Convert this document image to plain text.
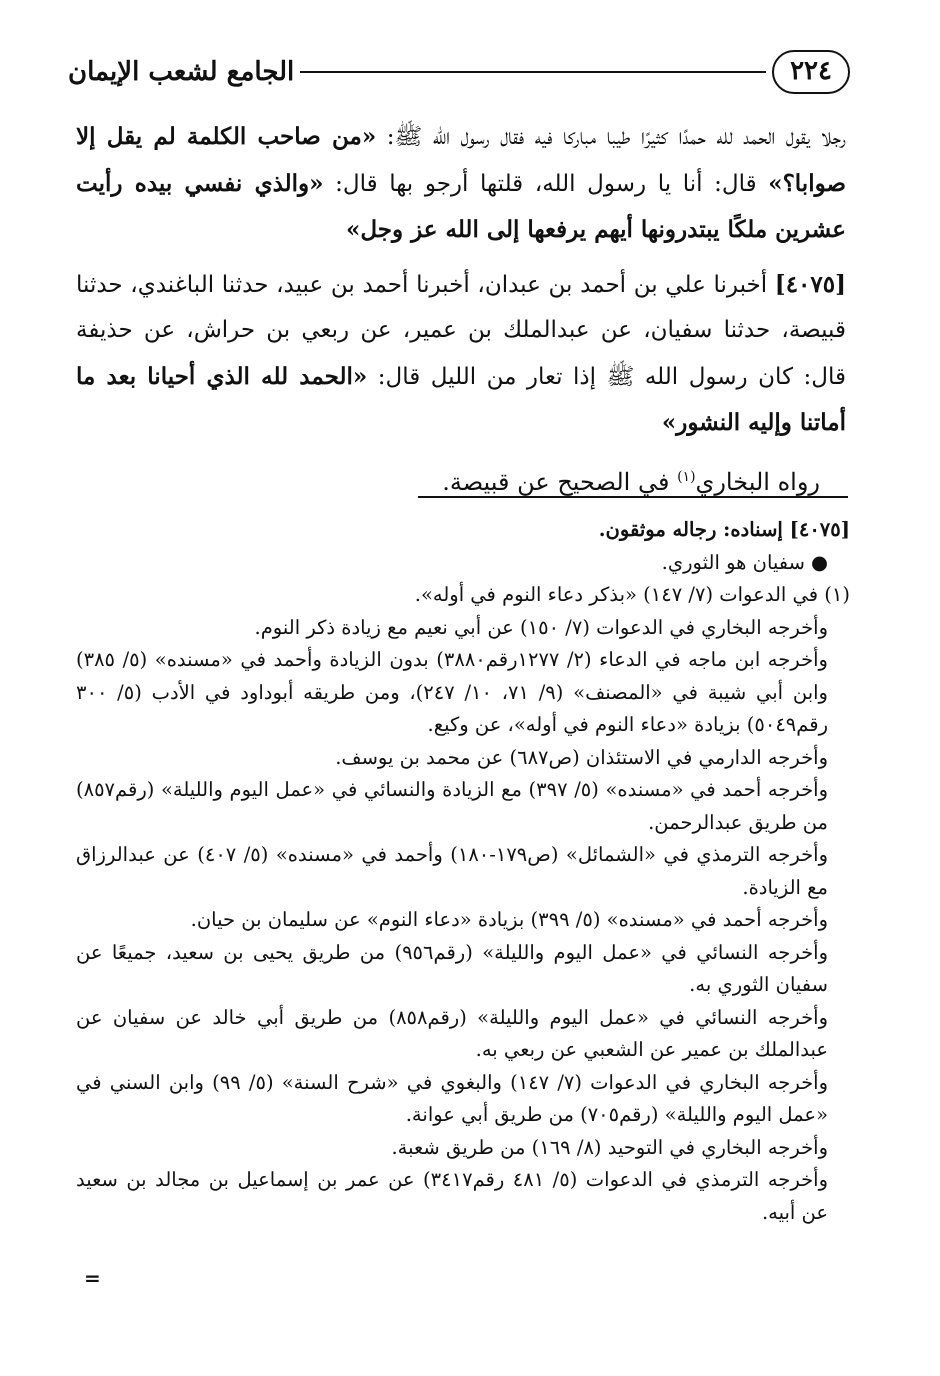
٢٢٤
الجامع لشعب الإيمان

رجلا يقول الحمد لله حمدًا كثيرًا طيبا مباركا فيه فقال رسول الله ﷺ: «من صاحب الكلمة لم يقل إلا صوابا؟» قال: أنا يا رسول الله، قلتها أرجو بها قال: «والذي نفسي بيده رأيت عشرين ملكًا يبتدرونها أيهم يرفعها إلى الله عز وجل»

[٤٠٧٥] أخبرنا علي بن أحمد بن عبدان، أخبرنا أحمد بن عبيد، حدثنا الباغندي، حدثنا قبيصة، حدثنا سفيان، عن عبدالملك بن عمير، عن ربعي بن حراش، عن حذيفة قال: كان رسول الله ﷺ إذا تعار من الليل قال: «الحمد لله الذي أحيانا بعد ما أماتنا وإليه النشور»

رواه البخاري$^{(١)}$ في الصحيح عن قبيصة.

[٤٠٧٥] إسناده: رجاله موثقون.

●سفيان هو الثوري.

(١) في الدعوات (٧/ ١٤٧) «بذكر دعاء النوم في أوله».

وأخرجه البخاري في الدعوات (٧/ ١٥٠) عن أبي نعيم مع زيادة ذكر النوم.

وأخرجه ابن ماجه في الدعاء (٢/ ١٢٧٧رقم٣٨٨٠) بدون الزيادة وأحمد في «مسنده» (٥/ ٣٨٥) وابن أبي شيبة في «المصنف» (٩/ ٧١، ١٠/ ٢٤٧)، ومن طريقه أبوداود في الأدب (٥/ ٣٠٠ رقم٥٠٤٩) بزيادة «دعاء النوم في أوله»، عن وكيع.

وأخرجه الدارمي في الاستئذان (ص٦٨٧) عن محمد بن يوسف.

وأخرجه أحمد في «مسنده» (٥/ ٣٩٧) مع الزيادة والنسائي في «عمل اليوم والليلة» (رقم٨٥٧) من طريق عبدالرحمن.

وأخرجه الترمذي في «الشمائل» (ص١٧٩-١٨٠) وأحمد في «مسنده» (٥/ ٤٠٧) عن عبدالرزاق مع الزيادة.

وأخرجه أحمد في «مسنده» (٥/ ٣٩٩) بزيادة «دعاء النوم» عن سليمان بن حيان.

وأخرجه النسائي في «عمل اليوم والليلة» (رقم٩٥٦) من طريق يحيى بن سعيد، جميعًا عن سفيان الثوري به.

وأخرجه النسائي في «عمل اليوم والليلة» (رقم٨٥٨) من طريق أبي خالد عن سفيان عن عبدالملك بن عمير عن الشعبي عن ربعي به.

وأخرجه البخاري في الدعوات (٧/ ١٤٧) والبغوي في «شرح السنة» (٥/ ٩٩) وابن السني في «عمل اليوم والليلة» (رقم٧٠٥) من طريق أبي عوانة.

وأخرجه البخاري في التوحيد (٨/ ١٦٩) من طريق شعبة.

وأخرجه الترمذي في الدعوات (٥/ ٤٨١ رقم٣٤١٧) عن عمر بن إسماعيل بن مجالد بن سعيد عن أبيه.

=
